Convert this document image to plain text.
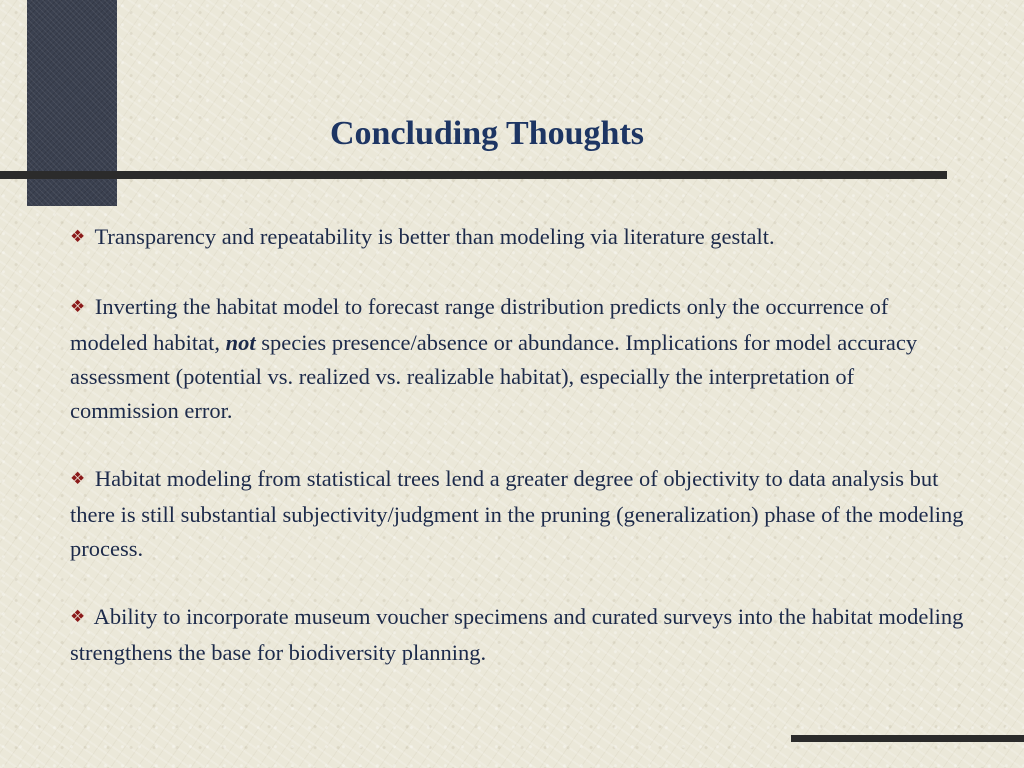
Concluding Thoughts

❖ Transparency and repeatability is better than modeling via literature gestalt.

❖ Inverting the habitat model to forecast range distribution predicts only the occurrence of modeled habitat, not species presence/absence or abundance. Implications for model accuracy assessment (potential vs. realized vs. realizable habitat), especially the interpretation of commission error.

❖ Habitat modeling from statistical trees lend a greater degree of objectivity to data analysis but there is still substantial subjectivity/judgment in the pruning (generalization) phase of the modeling process.

❖ Ability to incorporate museum voucher specimens and curated surveys into the habitat modeling strengthens the base for biodiversity planning.
